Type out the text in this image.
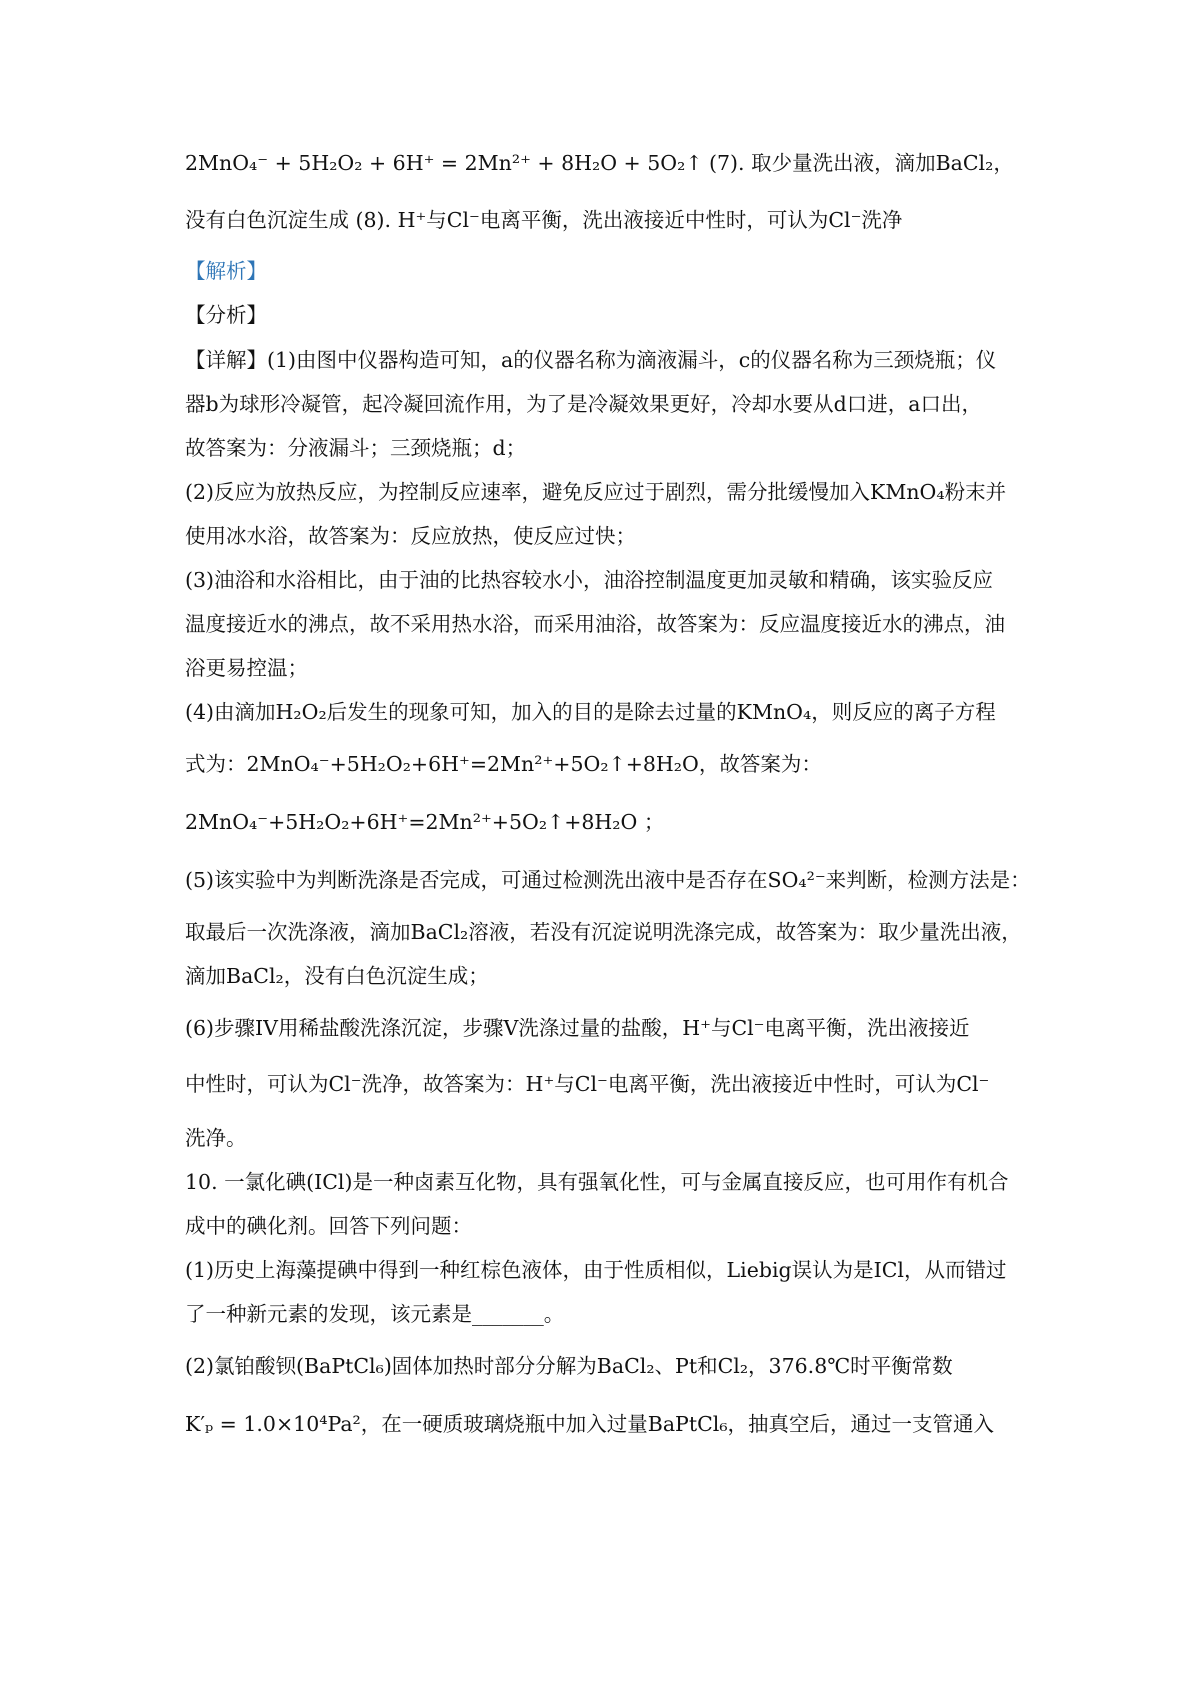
2MnO₄⁻ + 5H₂O₂ + 6H⁺ = 2Mn²⁺ + 8H₂O + 5O₂↑ (7). 取少量洗出液，滴加BaCl₂，
没有白色沉淀生成 (8). H⁺与Cl⁻电离平衡，洗出液接近中性时，可认为Cl⁻洗净
【解析】
【分析】
【详解】(1)由图中仪器构造可知，a的仪器名称为滴液漏斗，c的仪器名称为三颈烧瓶；仪
器b为球形冷凝管，起冷凝回流作用，为了是冷凝效果更好，冷却水要从d口进，a口出，
故答案为：分液漏斗；三颈烧瓶；d；
(2)反应为放热反应，为控制反应速率，避免反应过于剧烈，需分批缓慢加入KMnO₄粉末并
使用冰水浴，故答案为：反应放热，使反应过快；
(3)油浴和水浴相比，由于油的比热容较水小，油浴控制温度更加灵敏和精确，该实验反应
温度接近水的沸点，故不采用热水浴，而采用油浴，故答案为：反应温度接近水的沸点，油
浴更易控温；
(4)由滴加H₂O₂后发生的现象可知，加入的目的是除去过量的KMnO₄，则反应的离子方程
式为：2MnO₄⁻+5H₂O₂+6H⁺=2Mn²⁺+5O₂↑+8H₂O，故答案为：
2MnO₄⁻+5H₂O₂+6H⁺=2Mn²⁺+5O₂↑+8H₂O ；
(5)该实验中为判断洗涤是否完成，可通过检测洗出液中是否存在SO₄²⁻来判断，检测方法是：
取最后一次洗涤液，滴加BaCl₂溶液，若没有沉淀说明洗涤完成，故答案为：取少量洗出液，
滴加BaCl₂，没有白色沉淀生成；
(6)步骤IV用稀盐酸洗涤沉淀，步骤V洗涤过量的盐酸，H⁺与Cl⁻电离平衡，洗出液接近
中性时，可认为Cl⁻洗净，故答案为：H⁺与Cl⁻电离平衡，洗出液接近中性时，可认为Cl⁻
洗净。
10. 一氯化碘(ICl)是一种卤素互化物，具有强氧化性，可与金属直接反应，也可用作有机合
成中的碘化剂。回答下列问题：
(1)历史上海藻提碘中得到一种红棕色液体，由于性质相似，Liebig误认为是ICl，从而错过
了一种新元素的发现，该元素是_______。
(2)氯铂酸钡(BaPtCl₆)固体加热时部分分解为BaCl₂、Pt和Cl₂，376.8℃时平衡常数
K′ₚ = 1.0×10⁴Pa²，在一硬质玻璃烧瓶中加入过量BaPtCl₆，抽真空后，通过一支管通入
